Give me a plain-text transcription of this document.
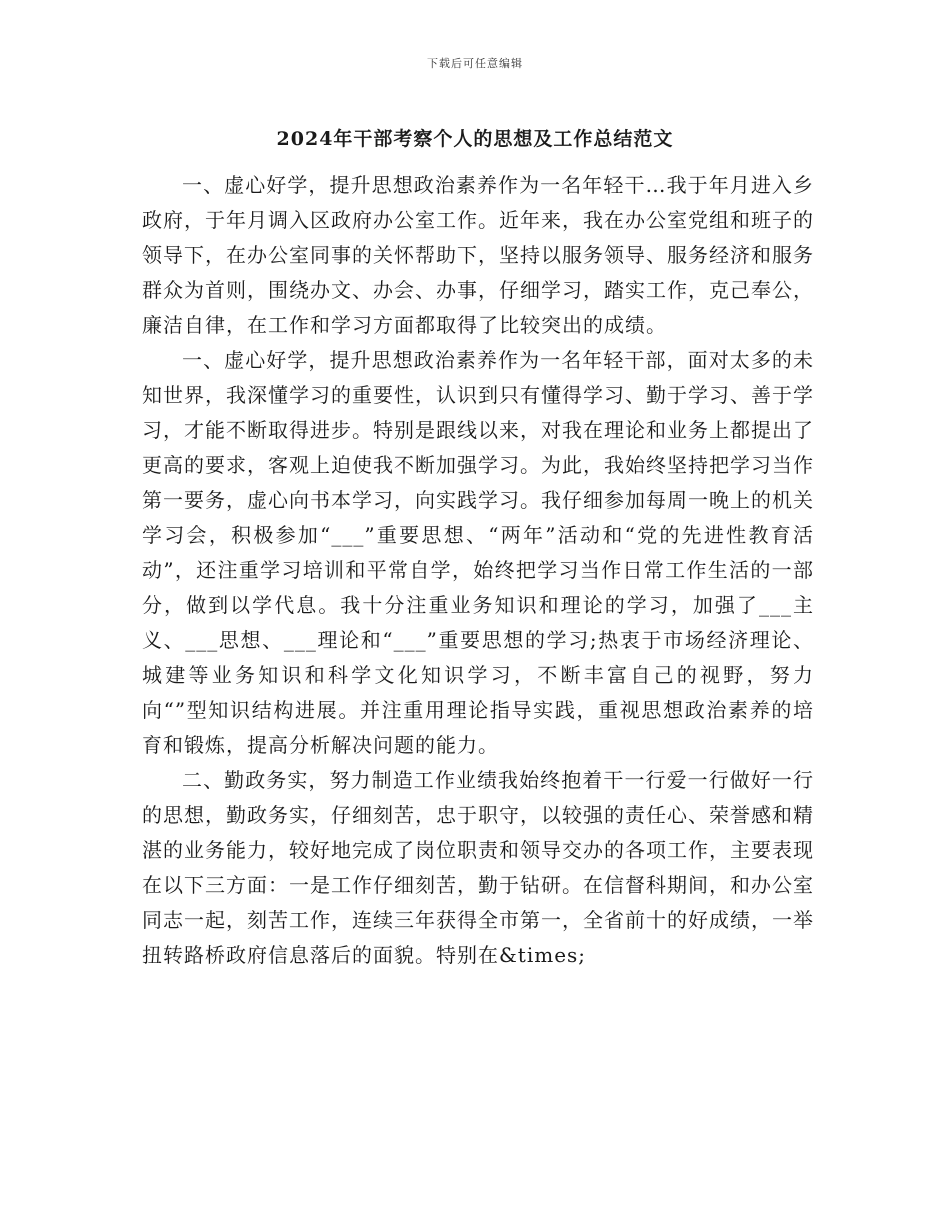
下载后可任意编辑
2024年干部考察个人的思想及工作总结范文

一、虚心好学，提升思想政治素养作为一名年轻干…我于年月进入乡政府，于年月调入区政府办公室工作。近年来，我在办公室党组和班子的领导下，在办公室同事的关怀帮助下，坚持以服务领导、服务经济和服务群众为首则，围绕办文、办会、办事，仔细学习，踏实工作，克己奉公，廉洁自律，在工作和学习方面都取得了比较突出的成绩。

一、虚心好学，提升思想政治素养作为一名年轻干部，面对太多的未知世界，我深懂学习的重要性，认识到只有懂得学习、勤于学习、善于学习，才能不断取得进步。特别是跟线以来，对我在理论和业务上都提出了更高的要求，客观上迫使我不断加强学习。为此，我始终坚持把学习当作第一要务，虚心向书本学习，向实践学习。我仔细参加每周一晚上的机关学习会，积极参加“___”重要思想、“两年”活动和“党的先进性教育活动”，还注重学习培训和平常自学，始终把学习当作日常工作生活的一部分，做到以学代息。我十分注重业务知识和理论的学习，加强了___主义、___思想、___理论和“___”重要思想的学习;热衷于市场经济理论、城建等业务知识和科学文化知识学习，不断丰富自己的视野，努力向“”型知识结构进展。并注重用理论指导实践，重视思想政治素养的培育和锻炼，提高分析解决问题的能力。

二、勤政务实，努力制造工作业绩我始终抱着干一行爱一行做好一行的思想，勤政务实，仔细刻苦，忠于职守，以较强的责任心、荣誉感和精湛的业务能力，较好地完成了岗位职责和领导交办的各项工作，主要表现在以下三方面：一是工作仔细刻苦，勤于钻研。在信督科期间，和办公室同志一起，刻苦工作，连续三年获得全市第一，全省前十的好成绩，一举扭转路桥政府信息落后的面貌。特别在&times;
